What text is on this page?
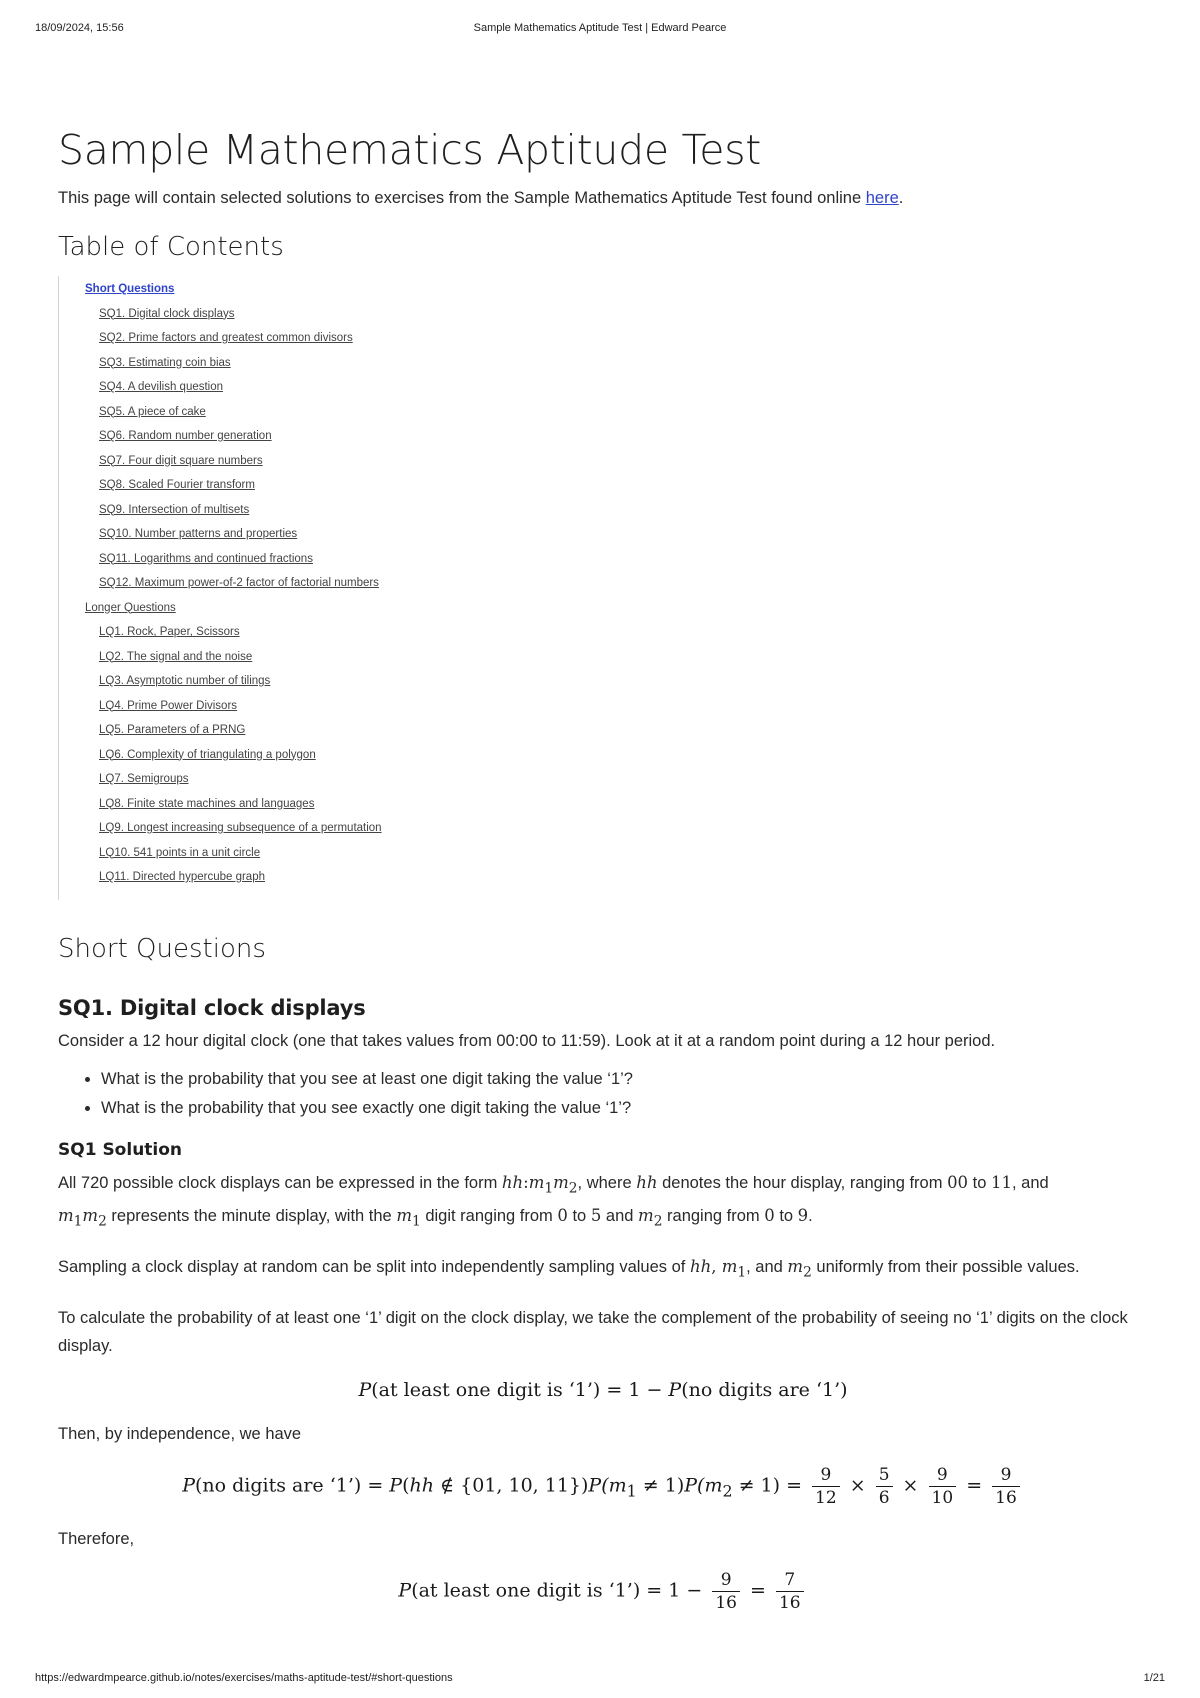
18/09/2024, 15:56	Sample Mathematics Aptitude Test | Edward Pearce
Sample Mathematics Aptitude Test

This page will contain selected solutions to exercises from the Sample Mathematics Aptitude Test found online here.

Table of Contents
Short Questions
SQ1. Digital clock displays
SQ2. Prime factors and greatest common divisors
SQ3. Estimating coin bias
SQ4. A devilish question
SQ5. A piece of cake
SQ6. Random number generation
SQ7. Four digit square numbers
SQ8. Scaled Fourier transform
SQ9. Intersection of multisets
SQ10. Number patterns and properties
SQ11. Logarithms and continued fractions
SQ12. Maximum power-of-2 factor of factorial numbers
Longer Questions
LQ1. Rock, Paper, Scissors
LQ2. The signal and the noise
LQ3. Asymptotic number of tilings
LQ4. Prime Power Divisors
LQ5. Parameters of a PRNG
LQ6. Complexity of triangulating a polygon
LQ7. Semigroups
LQ8. Finite state machines and languages
LQ9. Longest increasing subsequence of a permutation
LQ10. 541 points in a unit circle
LQ11. Directed hypercube graph
Short Questions
SQ1. Digital clock displays

Consider a 12 hour digital clock (one that takes values from 00:00 to 11:59). Look at it at a random point during a 12 hour period.

• What is the probability that you see at least one digit taking the value ‘1’?
• What is the probability that you see exactly one digit taking the value ‘1’?
SQ1 Solution

All 720 possible clock displays can be expressed in the form $hh:m_1m_2$, where hh denotes the hour display, ranging from 00 to 11, and
$m_1m_2$ represents the minute display, with the $m_1$ digit ranging from 0 to 5 and $m_2$ ranging from 0 to 9.

Sampling a clock display at random can be split into independently sampling values of hh, $m_1$, and $m_2$ uniformly from their possible values.

To calculate the probability of at least one ‘1’ digit on the clock display, we take the complement of the probability of seeing no ‘1’ digits on the clock display.

P(at least one digit is ‘1’) = 1 − P(no digits are ‘1’)

Then, by independence, we have

P(no digits are ‘1’) = P(hh ∉ {01, 10, $11\})P(m_1 \ne 1)P(m_2 \ne 1) = \frac{9}{12} \times \frac{5}{6} \times \frac{9}{10} = \frac{9}{16}$

Therefore,

P(at least one digit is ‘1’) = $1 - \frac{9}{16} = \frac{7}{16}$
https://edwardmpearce.github.io/notes/exercises/maths-aptitude-test/#short-questions	1/21
